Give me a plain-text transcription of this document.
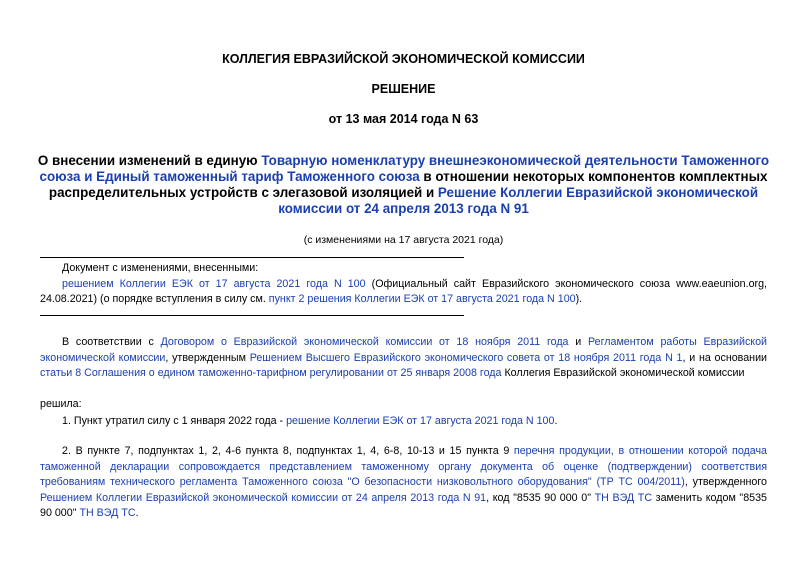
КОЛЛЕГИЯ ЕВРАЗИЙСКОЙ ЭКОНОМИЧЕСКОЙ КОМИССИИ
РЕШЕНИЕ
от 13 мая 2014 года N 63
О внесении изменений в единую Товарную номенклатуру внешнеэкономической деятельности Таможенного союза и Единый таможенный тариф Таможенного союза в отношении некоторых компонентов комплектных распределительных устройств с элегазовой изоляцией и Решение Коллегии Евразийской экономической комиссии от 24 апреля 2013 года N 91
(с изменениями на 17 августа 2021 года)
Документ с изменениями, внесенными:
решением Коллегии ЕЭК от 17 августа 2021 года N 100 (Официальный сайт Евразийского экономического союза www.eaeunion.org, 24.08.2021) (о порядке вступления в силу см. пункт 2 решения Коллегии ЕЭК от 17 августа 2021 года N 100).
В соответствии с Договором о Евразийской экономической комиссии от 18 ноября 2011 года и Регламентом работы Евразийской экономической комиссии, утвержденным Решением Высшего Евразийского экономического совета от 18 ноября 2011 года N 1, и на основании статьи 8 Соглашения о едином таможенно-тарифном регулировании от 25 января 2008 года Коллегия Евразийской экономической комиссии
решила:
1. Пункт утратил силу с 1 января 2022 года - решение Коллегии ЕЭК от 17 августа 2021 года N 100.
2. В пункте 7, подпунктах 1, 2, 4-6 пункта 8, подпунктах 1, 4, 6-8, 10-13 и 15 пункта 9 перечня продукции, в отношении которой подача таможенной декларации сопровождается представлением таможенному органу документа об оценке (подтверждении) соответствия требованиям технического регламента Таможенного союза "О безопасности низковольтного оборудования" (ТР ТС 004/2011), утвержденного Решением Коллегии Евразийской экономической комиссии от 24 апреля 2013 года N 91, код "8535 90 000 0" ТН ВЭД ТС заменить кодом "8535 90 000" ТН ВЭД ТС.
